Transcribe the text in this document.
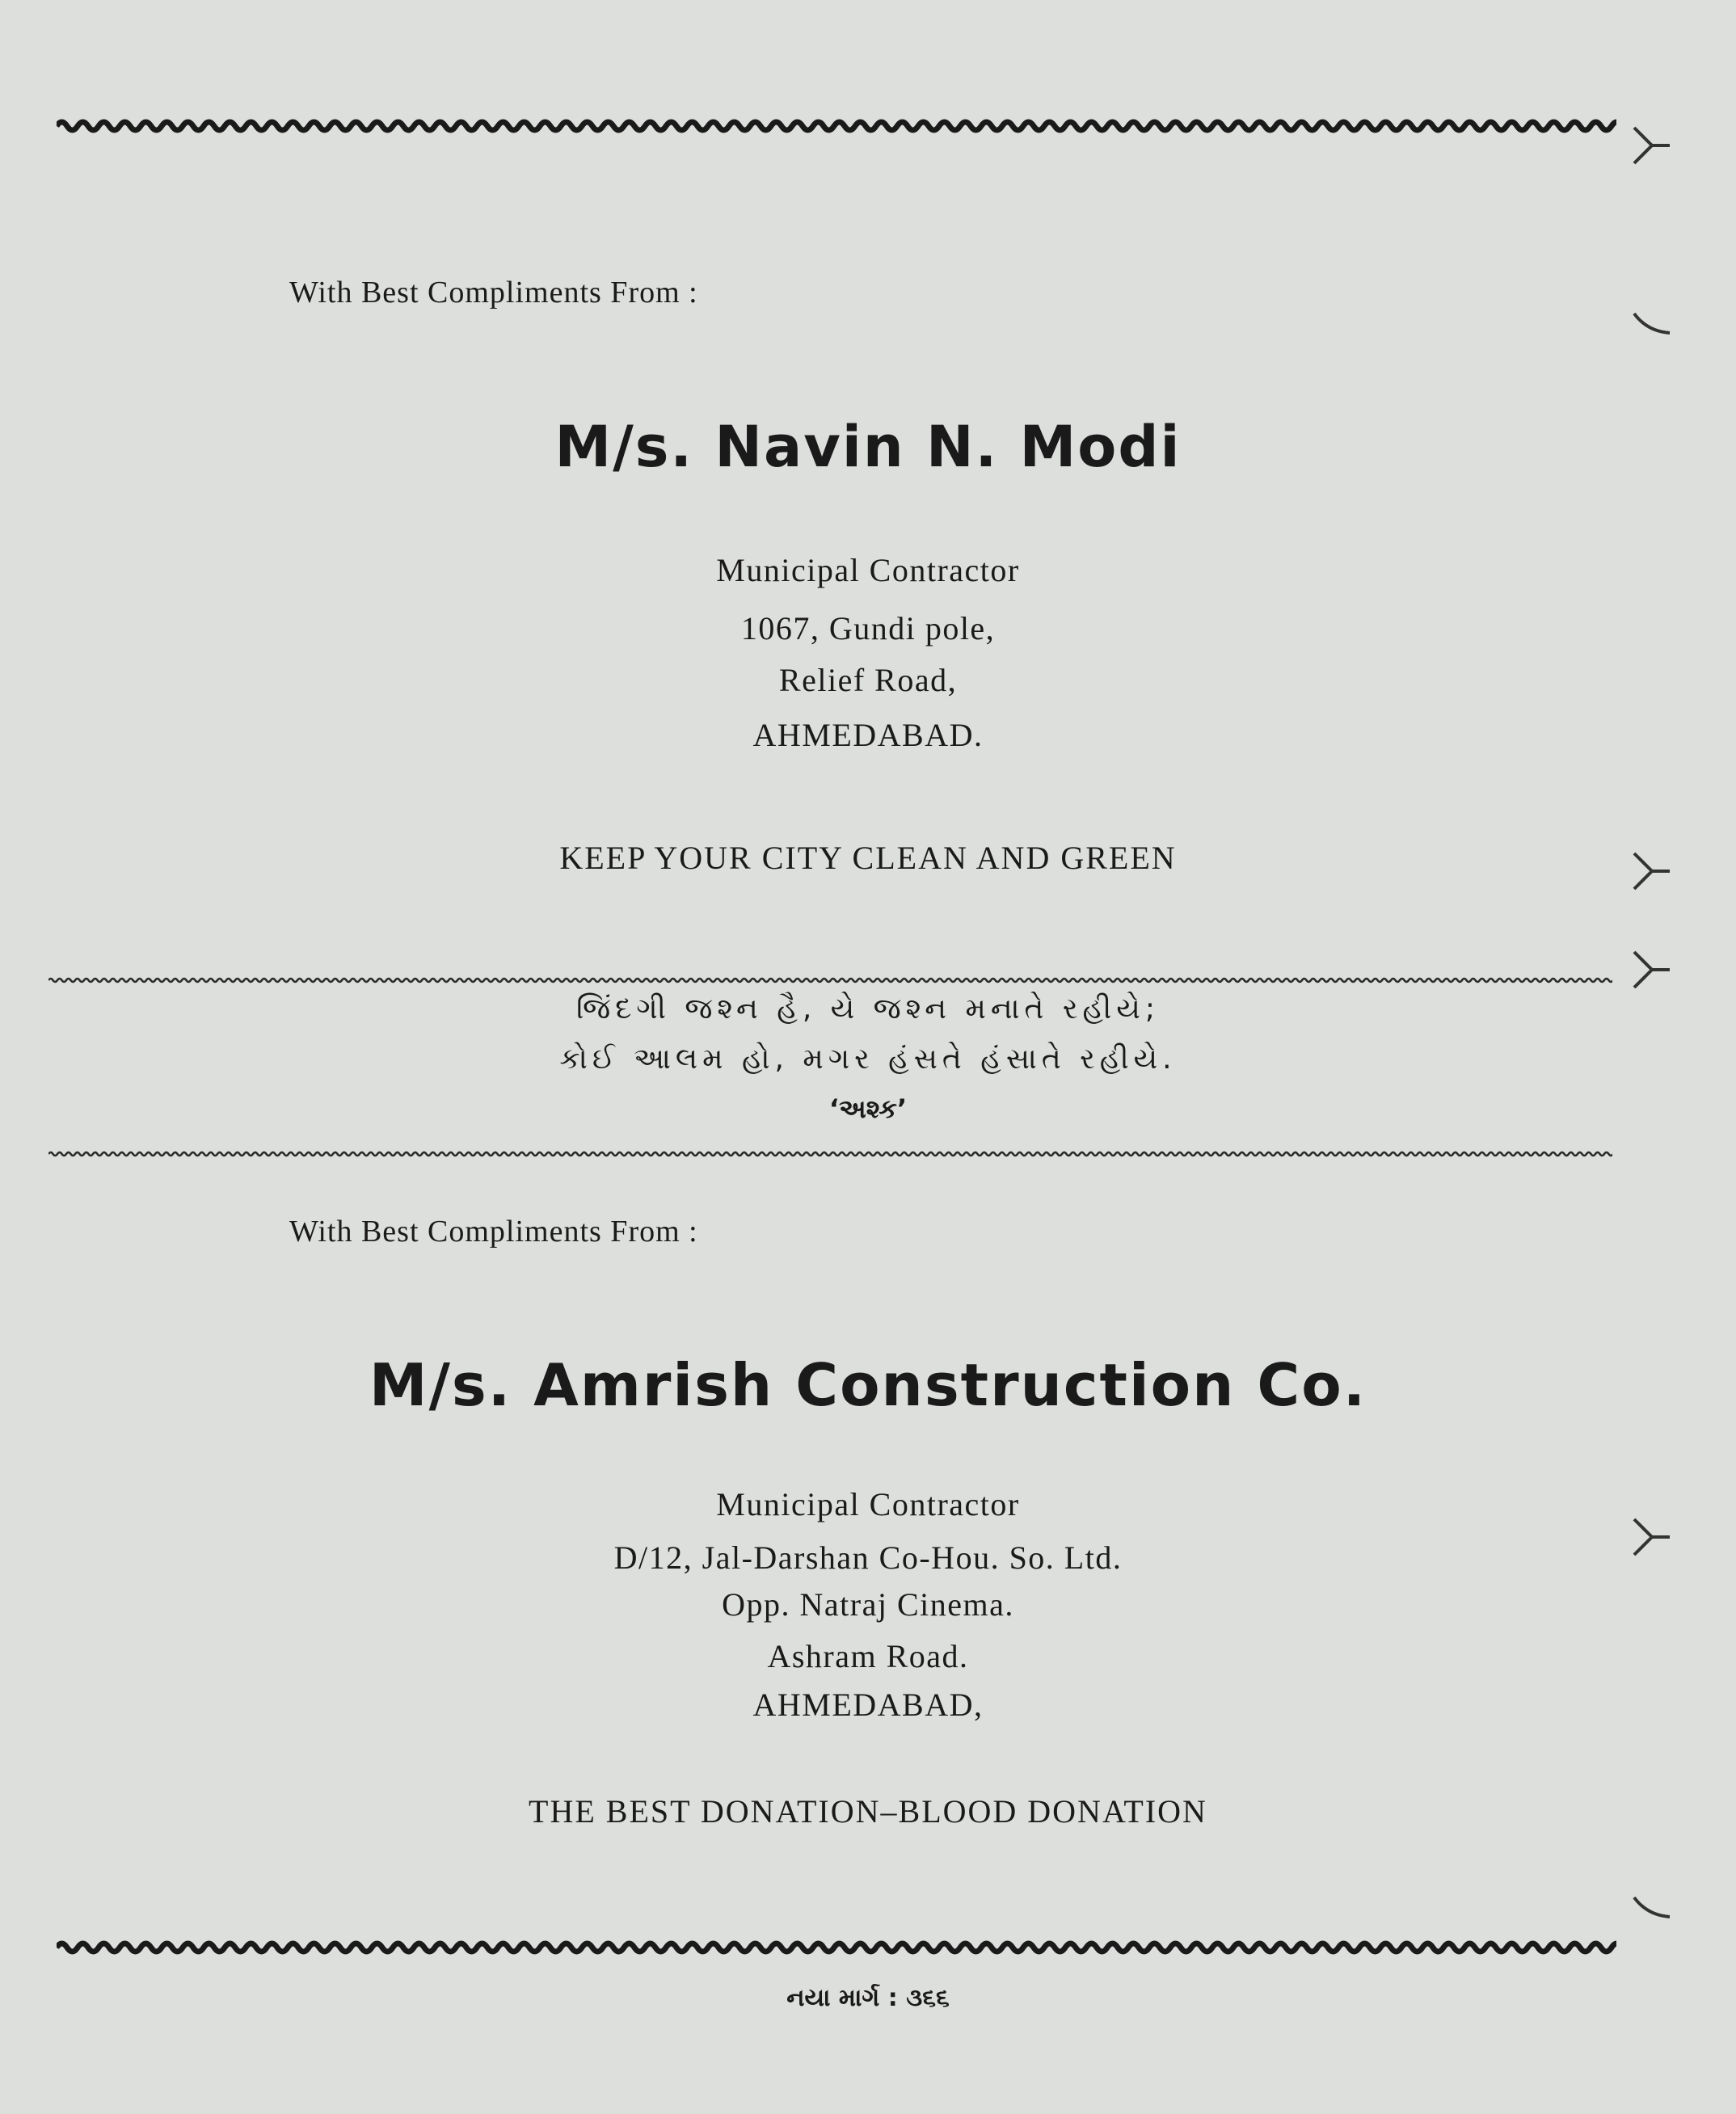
With Best Compliments From :
M/s. Navin N. Modi
Municipal Contractor
1067, Gundi pole,
Relief Road,
AHMEDABAD.
KEEP YOUR CITY CLEAN AND GREEN
જિંદગી જશ્ન હૈ, યે જશ્ન મનાતે રહીયે;
કોઈ આલમ હો, મગર હંસતે હંસાતે રહીયે.
‘અશ્ક’
With Best Compliments From :
M/s. Amrish Construction Co.
Municipal Contractor
D/12, Jal-Darshan Co-Hou. So. Ltd.
Opp. Natraj Cinema.
Ashram Road.
AHMEDABAD,
THE BEST DONATION–BLOOD DONATION
નયા માર્ગ : ૩૬૬
